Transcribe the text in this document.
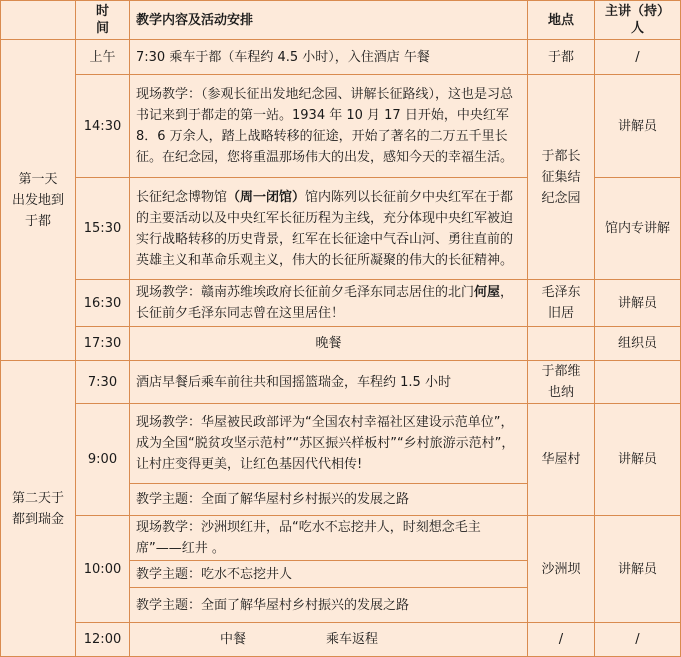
	时
间	教学内容及活动安排	地点	主讲（持）
人
第一天
出发地到
于都	上午	7:30 乘车于都（车程约 4.5 小时），入住酒店 午餐	于都	/
	14:30	现场教学：（参观长征出发地纪念园、讲解长征路线），这也是习总书记来到于都走的第一站。1934 年 10 月 17 日开始，中央红军 8．6 万余人，踏上战略转移的征途，开始了著名的二万五千里长征。在纪念园，您将重温那场伟大的出发，感知今天的幸福生活。	于都长
征集结
纪念园	讲解员
	15:30	长征纪念博物馆（周一闭馆）馆内陈列以长征前夕中央红军在于都的主要活动以及中央红军长征历程为主线，充分体现中央红军被迫实行战略转移的历史背景，红军在长征途中气吞山河、勇往直前的英雄主义和革命乐观主义，伟大的长征所凝聚的伟大的长征精神。		馆内专讲解
	16:30	现场教学：赣南苏维埃政府长征前夕毛泽东同志居住的北门何屋，长征前夕毛泽东同志曾在这里居住！	毛泽东
旧居	讲解员
	17:30	晚餐		组织员
第二天于
都到瑞金	7:30	酒店早餐后乘车前往共和国摇篮瑞金，车程约 1.5 小时	于都维
也纳	
	9:00	现场教学：华屋被民政部评为“全国农村幸福社区建设示范单位”，成为全国“脱贫攻坚示范村”“苏区振兴样板村”“乡村旅游示范村”，让村庄变得更美，让红色基因代代相传!	华屋村	讲解员
		教学主题：全面了解华屋村乡村振兴的发展之路		
	10:00	现场教学：沙洲坝红井，品“吃水不忘挖井人，时刻想念毛主席”——红井 。	沙洲坝	讲解员
		教学主题：吃水不忘挖井人		
		教学主题：全面了解华屋村乡村振兴的发展之路		
	12:00	中餐 乘车返程	/	/
